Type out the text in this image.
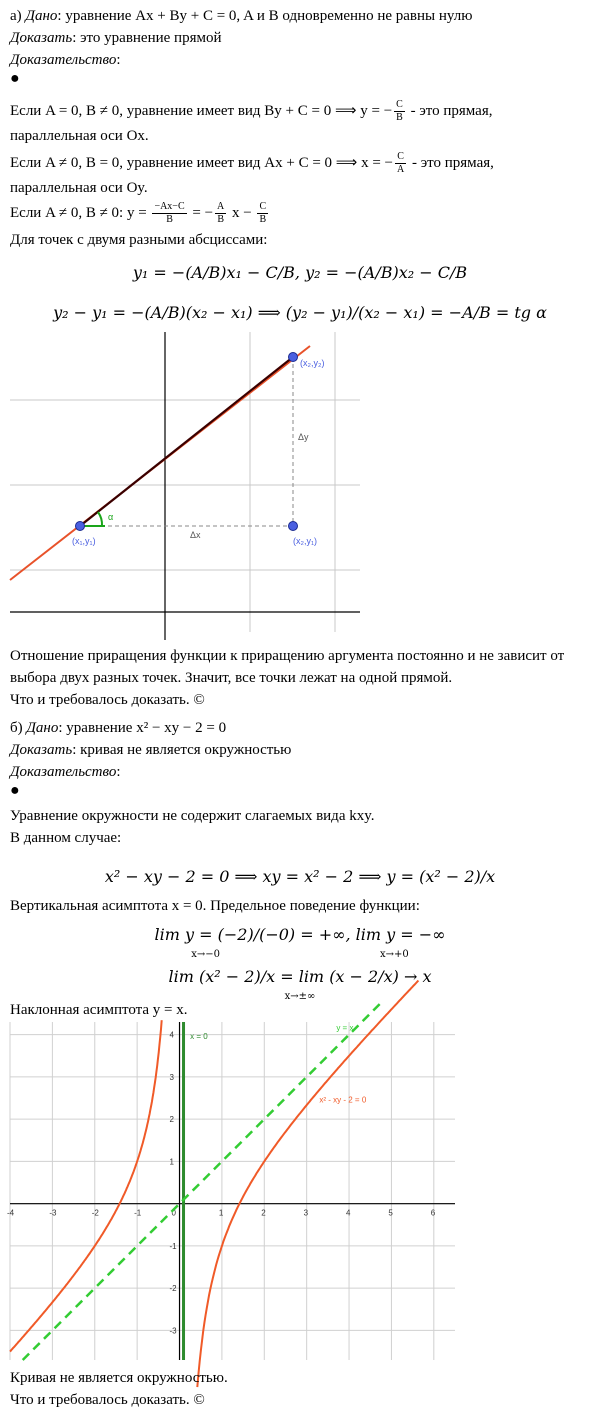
а) Дано: уравнение Ax + By + C = 0, A и B одновременно не равны нулю
Доказать: это уравнение прямой
Доказательство:
●
Если A = 0, B ≠ 0, уравнение имеет вид By + C = 0 ⟹ y = − $\frac{C}{B}$ - это прямая,
параллельная оси Ox.
Если A ≠ 0, B = 0, уравнение имеет вид Ax + C = 0 ⟹ x = − $\frac{C}{A}$ - это прямая,
параллельная оси Oy.
Если A ≠ 0, B ≠ 0: $y = \frac{-Ax-C}{B}$ = − $\frac{A}{B}$ $x - \frac{C}{B}$
Для точек с двумя разными абсциссами:
y₁ = −(A/B)x₁ − C/B, y₂ = −(A/B)x₂ − C/B
y₂ − y₁ = −(A/B)(x₂ − x₁) ⟹ (y₂ − y₁)/(x₂ − x₁) = −A/B = tg α
α
(x₁,y₁)
(x₂,y₂)
(x₂,y₁)
Δx
Δy
Отношение приращения функции к приращению аргумента постоянно и не зависит от
выбора двух разных точек. Значит, все точки лежат на одной прямой.
Что и требовалось доказать. ©
б) Дано: уравнение x² − xy − 2 = 0
Доказать: кривая не является окружностью
Доказательство:
●
Уравнение окружности не содержит слагаемых вида kxy.
В данном случае:
x² − xy − 2 = 0 ⟹ xy = x² − 2 ⟹ y = (x² − 2)/x
Вертикальная асимптота x = 0. Предельное поведение функции:
lim y = (−2)/(−0) = +∞, lim y = −∞
x→−0	x→+0
lim (x² − 2)/x = lim (x − 2/x) → x
x→±∞
Наклонная асимптота y = x.
-4	-3	-2	-1	0	1	2	3	4	5	6
4
3
2
1
-1
-2
-3
y = x
x = 0
x² - xy - 2 = 0
Кривая не является окружностью.
Что и требовалось доказать. ©
